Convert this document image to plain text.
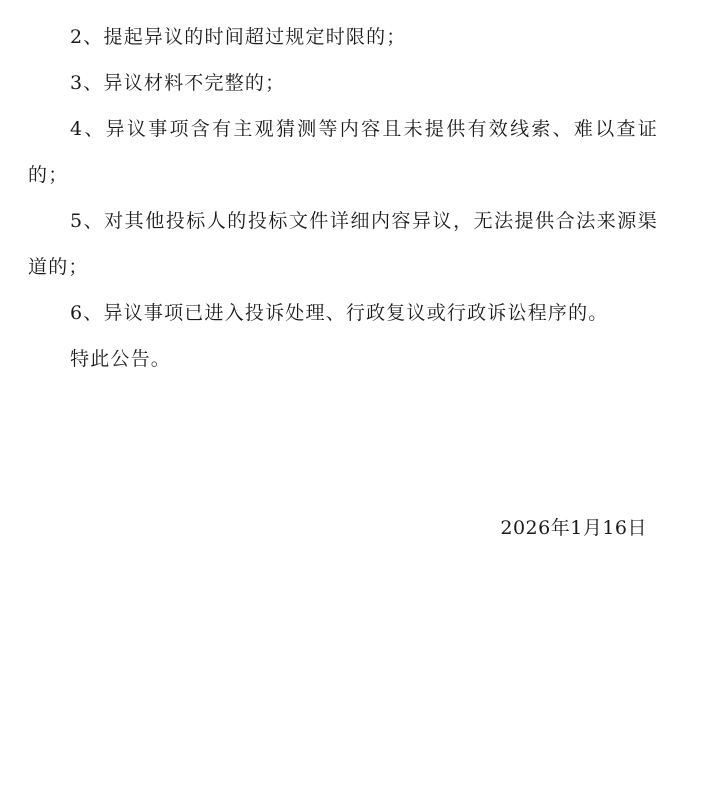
2、提起异议的时间超过规定时限的；

3、异议材料不完整的；

4、异议事项含有主观猜测等内容且未提供有效线索、难以查证的；

5、对其他投标人的投标文件详细内容异议，无法提供合法来源渠道的；

6、异议事项已进入投诉处理、行政复议或行政诉讼程序的。

特此公告。

2026年1月16日
